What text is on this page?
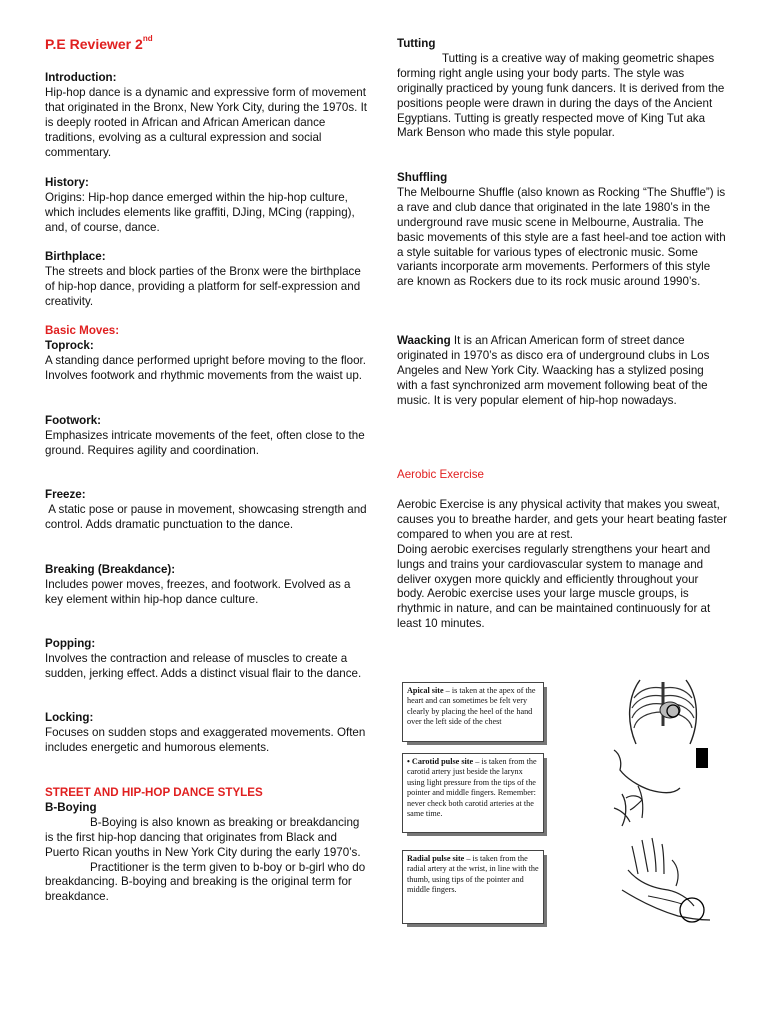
P.E Reviewer 2nd

Introduction:

Hip-hop dance is a dynamic and expressive form of movement that originated in the Bronx, New York City, during the 1970s. It is deeply rooted in African and African American dance traditions, evolving as a cultural expression and social commentary.

History:

Origins: Hip-hop dance emerged within the hip-hop culture, which includes elements like graffiti, DJing, MCing (rapping), and, of course, dance.

Birthplace:

The streets and block parties of the Bronx were the birthplace of hip-hop dance, providing a platform for self-expression and creativity.

Basic Moves:

Toprock:

A standing dance performed upright before moving to the floor. Involves footwork and rhythmic movements from the waist up.

Footwork:

Emphasizes intricate movements of the feet, often close to the ground. Requires agility and coordination.

Freeze:

A static pose or pause in movement, showcasing strength and control. Adds dramatic punctuation to the dance.

Breaking (Breakdance):

Includes power moves, freezes, and footwork. Evolved as a key element within hip-hop dance culture.

Popping:

Involves the contraction and release of muscles to create a sudden, jerking effect. Adds a distinct visual flair to the dance.

Locking:

Focuses on sudden stops and exaggerated movements. Often includes energetic and humorous elements.

STREET AND HIP-HOP DANCE STYLES

B-Boying

B-Boying is also known as breaking or breakdancing is the first hip-hop dancing that originates from Black and Puerto Rican youths in New York City during the early 1970’s.

Practitioner is the term given to b-boy or b-girl who do breakdancing. B-boying and breaking is the original term for breakdance.

Tutting

Tutting is a creative way of making geometric shapes forming right angle using your body parts. The style was originally practiced by young funk dancers. It is derived from the positions people were drawn in during the days of the Ancient Egyptians. Tutting is greatly respected move of King Tut aka Mark Benson who made this style popular.

Shuffling

The Melbourne Shuffle (also known as Rocking “The Shuffle”) is a rave and club dance that originated in the late 1980’s in the underground rave music scene in Melbourne, Australia. The basic movements of this style are a fast heel-and toe action with a style suitable for various types of electronic music. Some variants incorporate arm movements. Performers of this style are known as Rockers due to its rock music around 1990’s.

Waacking It is an African American form of street dance originated in 1970’s as disco era of underground clubs in Los Angeles and New York City. Waacking has a stylized posing with a fast synchronized arm movement following beat of the music. It is very popular element of hip-hop nowadays.

Aerobic Exercise

Aerobic Exercise is any physical activity that makes you sweat, causes you to breathe harder, and gets your heart beating faster compared to when you are at rest.

Doing aerobic exercises regularly strengthens your heart and lungs and trains your cardiovascular system to manage and deliver oxygen more quickly and efficiently throughout your body. Aerobic exercise uses your large muscle groups, is rhythmic in nature, and can be maintained continuously for at least 10 minutes.

Apical site – is taken at the apex of the heart and can sometimes be felt very clearly by placing the heel of the hand over the left side of the chest
• Carotid pulse site – is taken from the carotid artery just beside the larynx using light pressure from the tips of the pointer and middle fingers. Remember: never check both carotid arteries at the same time.
Radial pulse site – is taken from the radial artery at the wrist, in line with the thumb, using tips of the pointer and middle fingers.
